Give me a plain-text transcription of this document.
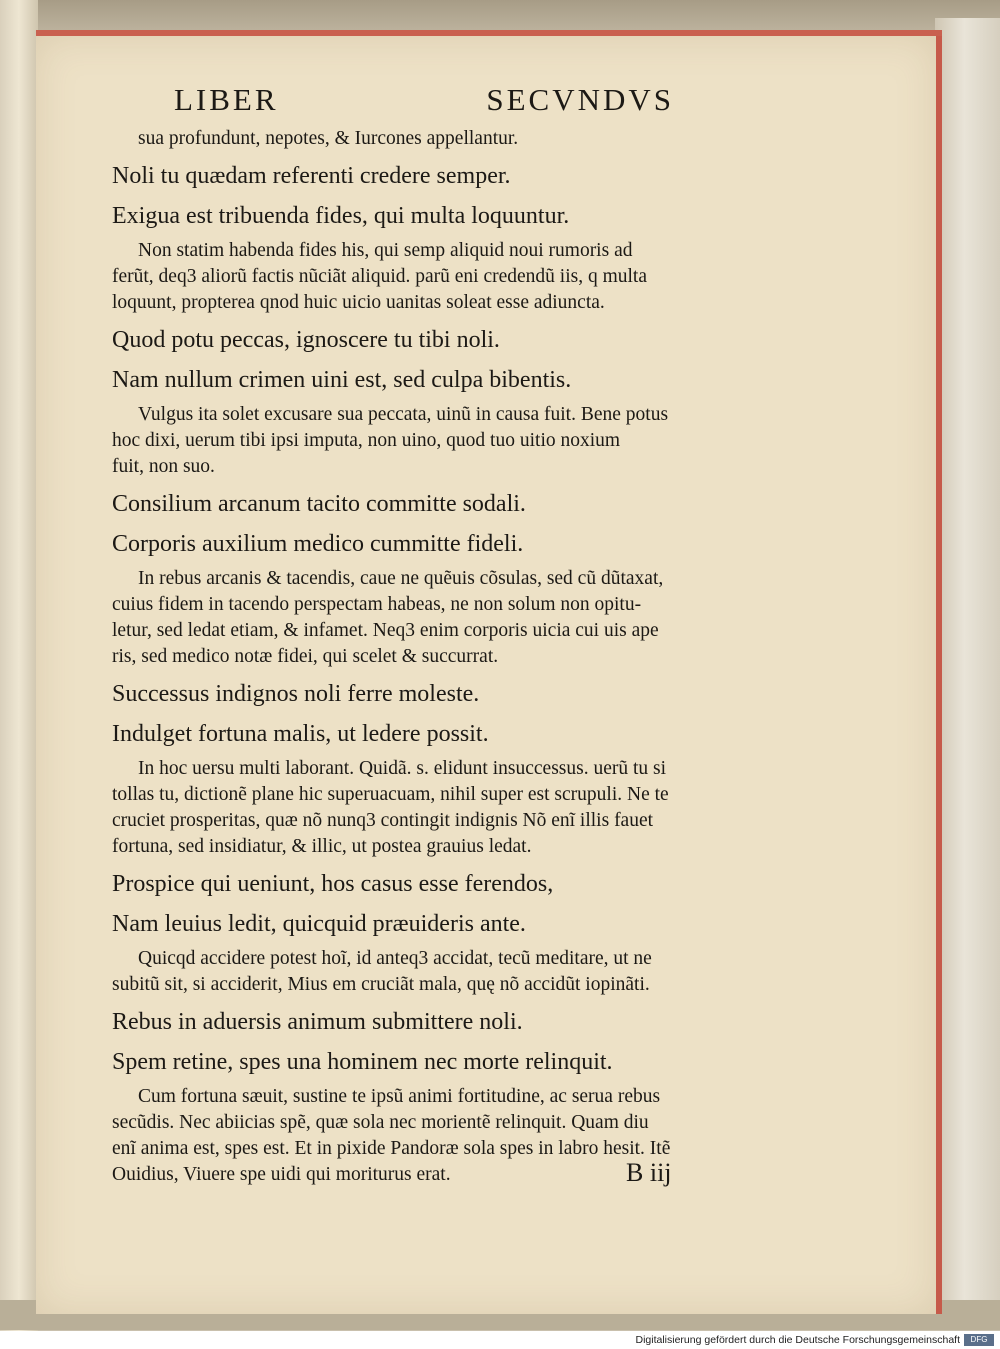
LIBER	SECVNDVS
sua profundunt, nepotes, & Iurcones appellantur.
Noli tu quædam referenti credere semper.
Exigua est tribuenda fides, qui multa loquuntur.
Non statim habenda fides his, qui semp aliquid noui rumoris ad
ferũt, deq3 aliorũ factis nũciãt aliquid. parũ eni credendũ iis, q multa
loquunt, propterea qnod huic uicio uanitas soleat esse adiuncta.
Quod potu peccas, ignoscere tu tibi noli.
Nam nullum crimen uini est, sed culpa bibentis.
Vulgus ita solet excusare sua peccata, uinũ in causa fuit. Bene potus
hoc dixi, uerum tibi ipsi imputa, non uino, quod tuo uitio noxium
fuit, non suo.
Consilium arcanum tacito committe sodali.
Corporis auxilium medico cummitte fideli.
In rebus arcanis & tacendis, caue ne quẽuis cõsulas, sed cũ dũtaxat,
cuius fidem in tacendo perspectam habeas, ne non solum non opitu-
letur, sed ledat etiam, & infamet. Neq3 enim corporis uicia cui uis ape
ris, sed medico notæ fidei, qui scelet & succurrat.
Successus indignos noli ferre moleste.
Indulget fortuna malis, ut ledere possit.
In hoc uersu multi laborant. Quidã. s. elidunt insuccessus. uerũ tu si
tollas tu, dictionẽ plane hic superuacuam, nihil super est scrupuli. Ne te
cruciet prosperitas, quæ nõ nunq3 contingit indignis Nõ enĩ illis fauet
fortuna, sed insidiatur, & illic, ut postea grauius ledat.
Prospice qui ueniunt, hos casus esse ferendos,
Nam leuius ledit, quicquid præuideris ante.
Quicqd accidere potest hoĩ, id anteq3 accidat, tecũ meditare, ut ne
subitũ sit, si acciderit, Mius em cruciãt mala, quę nõ accidũt iopinãti.
Rebus in aduersis animum submittere noli.
Spem retine, spes una hominem nec morte relinquit.
Cum fortuna sæuit, sustine te ipsũ animi fortitudine, ac serua rebus
secũdis. Nec abiicias spẽ, quæ sola nec morientẽ relinquit. Quam diu
enĩ anima est, spes est. Et in pixide Pandoræ sola spes in labro hesit. Itẽ
Ouidius, Viuere spe uidi qui moriturus erat.	B iij
Digitalisierung gefördert durch die Deutsche Forschungsgemeinschaft	DFG
